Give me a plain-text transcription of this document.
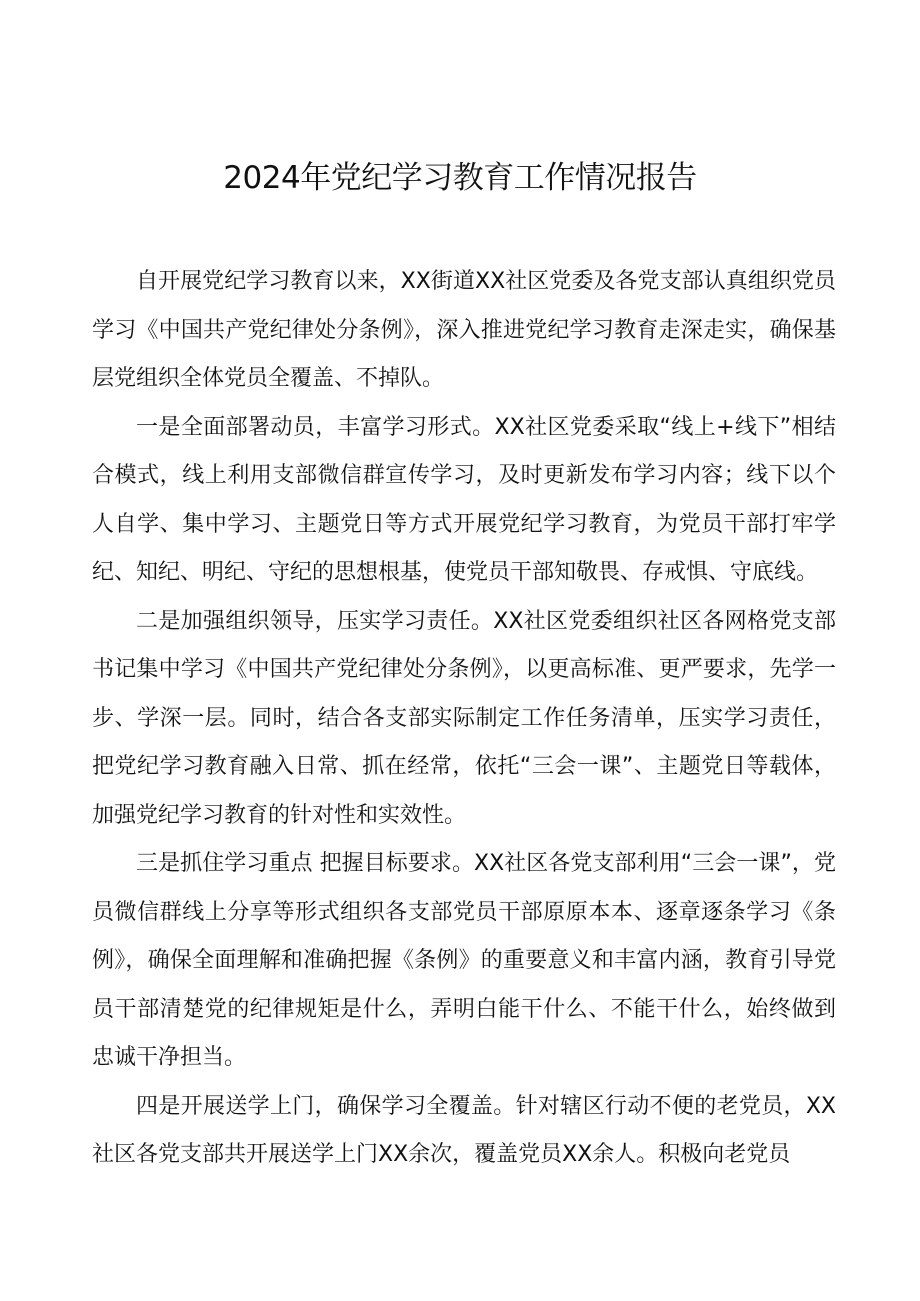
2024年党纪学习教育工作情况报告

自开展党纪学习教育以来，XX街道XX社区党委及各党支部认真组织党员学习《中国共产党纪律处分条例》，深入推进党纪学习教育走深走实，确保基层党组织全体党员全覆盖、不掉队。

一是全面部署动员，丰富学习形式。XX社区党委采取“线上+线下”相结合模式，线上利用支部微信群宣传学习，及时更新发布学习内容；线下以个人自学、集中学习、主题党日等方式开展党纪学习教育，为党员干部打牢学纪、知纪、明纪、守纪的思想根基，使党员干部知敬畏、存戒惧、守底线。

二是加强组织领导，压实学习责任。XX社区党委组织社区各网格党支部书记集中学习《中国共产党纪律处分条例》，以更高标准、更严要求，先学一步、学深一层。同时，结合各支部实际制定工作任务清单，压实学习责任，把党纪学习教育融入日常、抓在经常，依托“三会一课”、主题党日等载体，加强党纪学习教育的针对性和实效性。

三是抓住学习重点 把握目标要求。XX社区各党支部利用“三会一课”，党员微信群线上分享等形式组织各支部党员干部原原本本、逐章逐条学习《条例》，确保全面理解和准确把握《条例》的重要意义和丰富内涵，教育引导党员干部清楚党的纪律规矩是什么，弄明白能干什么、不能干什么，始终做到忠诚干净担当。

四是开展送学上门，确保学习全覆盖。针对辖区行动不便的老党员，XX社区各党支部共开展送学上门XX余次，覆盖党员XX余人。积极向老党员
